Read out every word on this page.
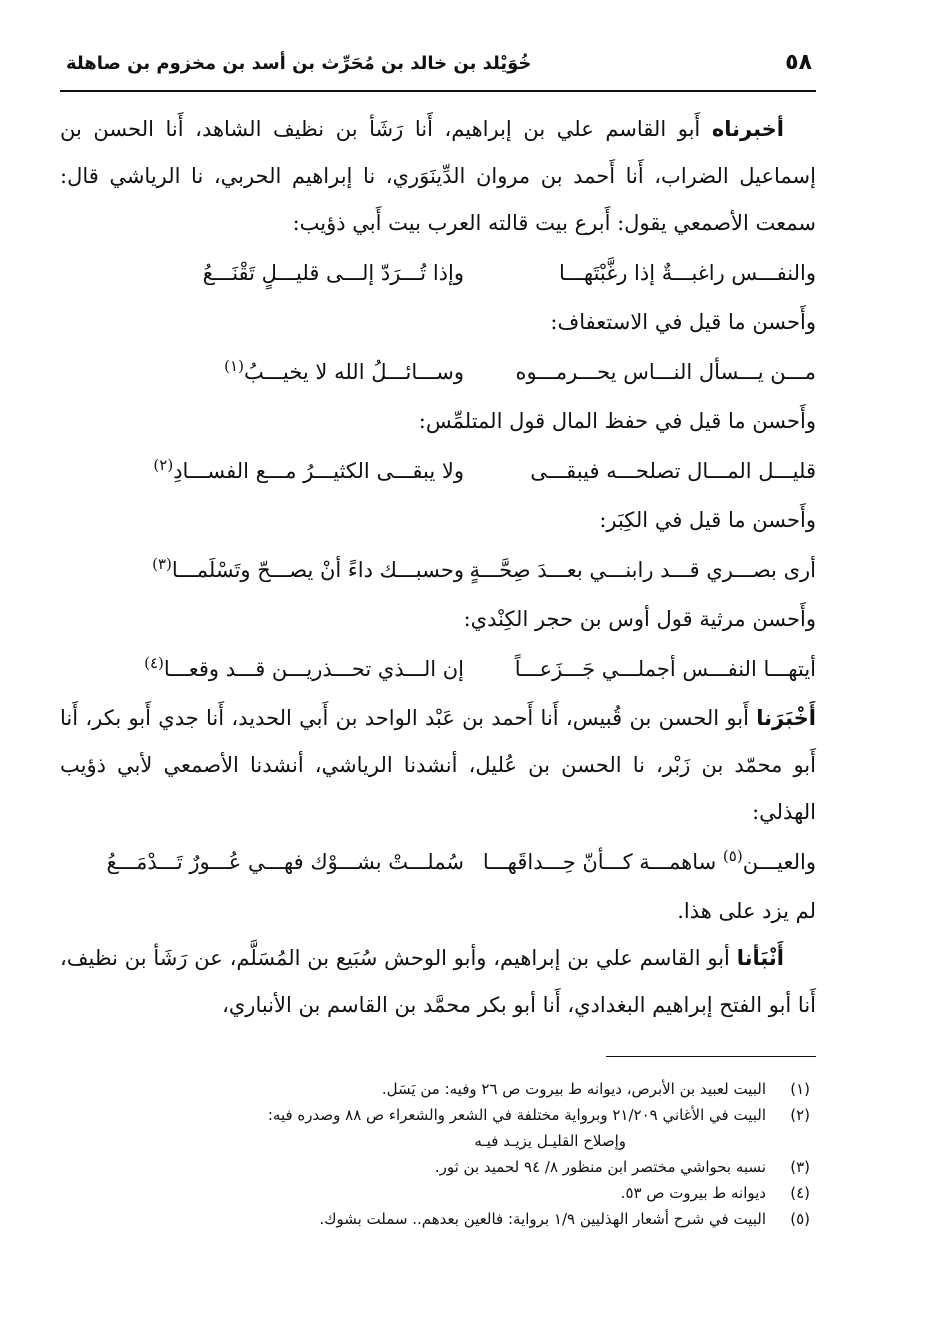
٥٨
خُوَيْلد بن خالد بن مُحَرِّث بن أسد بن مخزوم بن صاهلة

أخبرناه أَبو القاسم علي بن إبراهيم، أَنا رَشَأ بن نظيف الشاهد، أَنا الحسن بن إسماعيل الضراب، أَنا أَحمد بن مروان الدِّينَوَري، نا إبراهيم الحربي، نا الرياشي قال: سمعت الأصمعي يقول: أَبرع بيت قالته العرب بيت أَبي ذؤيب:

والنفـــس راغبـــةٌ إذا رغَّبْتَهـــا
وإذا تُـــرَدّ إلـــى قليـــلٍ تَقْنَـــعُ

وأَحسن ما قيل في الاستعفاف:

مـــن يـــسأل النـــاس يحـــرمـــوه
وســـائـــلُ الله لا يخيـــبُ$^{(١)}$

وأَحسن ما قيل في حفظ المال قول المتلمِّس:

قليـــل المـــال تصلحـــه فيبقـــى
ولا يبقـــى الكثيـــرُ مـــع الفســـادِ$^{(٢)}$

وأَحسن ما قيل في الكِبَر:

أرى بصـــري قـــد رابنـــي بعـــدَ صِحَّـــةٍ
وحسبـــك داءً أنْ يصـــحّ وتَسْلَمـــا$^{(٣)}$

وأَحسن مرثية قول أوس بن حجر الكِنْدي:

أيتهـــا النفـــس أجملـــي جَـــزَعـــاً
إن الـــذي تحـــذريـــن قـــد وقعـــا$^{(٤)}$

أَخْبَرَنا أَبو الحسن بن قُبيس، أَنا أَحمد بن عَبْد الواحد بن أَبي الحديد، أَنا جدي أَبو بكر، أَنا أَبو محمّد بن زَبْر، نا الحسن بن عُليل، أنشدنا الرياشي، أنشدنا الأصمعي لأبي ذؤيب الهذلي:

والعيـــن$^{(٥)}$ ساهمـــة كـــأنّ حِـــداقَهـــا
سُملـــتْ بشـــوْك فهـــي عُـــورٌ تَـــدْمَـــعُ

لم يزد على هذا.

أَنْبَأنا أبو القاسم علي بن إبراهيم، وأبو الوحش سُبَيع بن المُسَلَّم، عن رَشَأ بن نظيف، أَنا أبو الفتح إبراهيم البغدادي، أَنا أبو بكر محمَّد بن القاسم بن الأنباري،

(١)
البيت لعبيد بن الأبرص، ديوانه ط بيروت ص ٢٦ وفيه: من يَسَل.
(٢)
البيت في الأغاني ٢١/٢٠٩ وبرواية مختلفة في الشعر والشعراء ص ٨٨ وصدره فيه:

وإصلاح القليـل يزيـد فيـه

(٣)
نسبه بحواشي مختصر ابن منظور ٨/ ٩٤ لحميد بن ثور.
(٤)
ديوانه ط بيروت ص ٥٣.
(٥)
البيت في شرح أشعار الهذليين ١/٩ برواية: فالعين بعدهم.. سملت بشوك.
